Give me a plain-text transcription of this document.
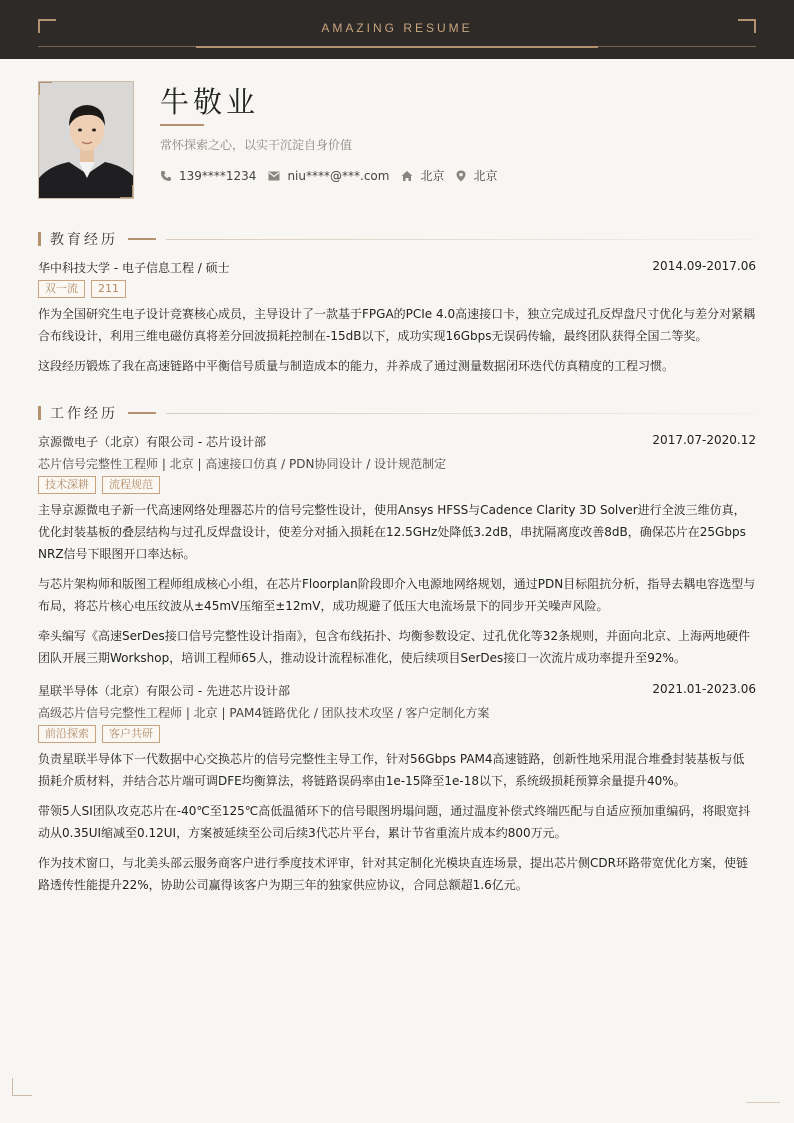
AMAZING RESUME
牛敬业
常怀探索之心，以实干沉淀自身价值
139****1234	niu****@***.com	北京 北京
教育经历
华中科技大学 - 电子信息工程 / 硕士	2014.09-2017.06
双一流	211
作为全国研究生电子设计竞赛核心成员，主导设计了一款基于FPGA的PCIe 4.0高速接口卡，独立完成过孔反焊盘尺寸优化与差分对紧耦合布线设计，利用三维电磁仿真将差分回波损耗控制在-15dB以下，成功实现16Gbps无误码传输，最终团队获得全国二等奖。
这段经历锻炼了我在高速链路中平衡信号质量与制造成本的能力，并养成了通过测量数据闭环迭代仿真精度的工程习惯。
工作经历
京源微电子（北京）有限公司 - 芯片设计部	2017.07-2020.12
芯片信号完整性工程师 | 北京 | 高速接口仿真 / PDN协同设计 / 设计规范制定
技术深耕	流程规范
主导京源微电子新一代高速网络处理器芯片的信号完整性设计，使用Ansys HFSS与Cadence Clarity 3D Solver进行全波三维仿真，优化封装基板的叠层结构与过孔反焊盘设计，使差分对插入损耗在12.5GHz处降低3.2dB，串扰隔离度改善8dB，确保芯片在25Gbps NRZ信号下眼图开口率达标。
与芯片架构师和版图工程师组成核心小组，在芯片Floorplan阶段即介入电源地网络规划，通过PDN目标阻抗分析，指导去耦电容选型与布局，将芯片核心电压纹波从±45mV压缩至±12mV，成功规避了低压大电流场景下的同步开关噪声风险。
牵头编写《高速SerDes接口信号完整性设计指南》，包含布线拓扑、均衡参数设定、过孔优化等32条规则，并面向北京、上海两地硬件团队开展三期Workshop，培训工程师65人，推动设计流程标准化，使后续项目SerDes接口一次流片成功率提升至92%。
星联半导体（北京）有限公司 - 先进芯片设计部	2021.01-2023.06
高级芯片信号完整性工程师 | 北京 | PAM4链路优化 / 团队技术攻坚 / 客户定制化方案
前沿探索	客户共研
负责星联半导体下一代数据中心交换芯片的信号完整性主导工作，针对56Gbps PAM4高速链路，创新性地采用混合堆叠封装基板与低损耗介质材料，并结合芯片端可调DFE均衡算法，将链路误码率由1e-15降至1e-18以下，系统级损耗预算余量提升40%。
带领5人SI团队攻克芯片在-40℃至125℃高低温循环下的信号眼图坍塌问题，通过温度补偿式终端匹配与自适应预加重编码，将眼宽抖动从0.35UI缩减至0.12UI，方案被延续至公司后续3代芯片平台，累计节省重流片成本约800万元。
作为技术窗口，与北美头部云服务商客户进行季度技术评审，针对其定制化光模块直连场景，提出芯片侧CDR环路带宽优化方案，使链路透传性能提升22%，协助公司赢得该客户为期三年的独家供应协议，合同总额超1.6亿元。
